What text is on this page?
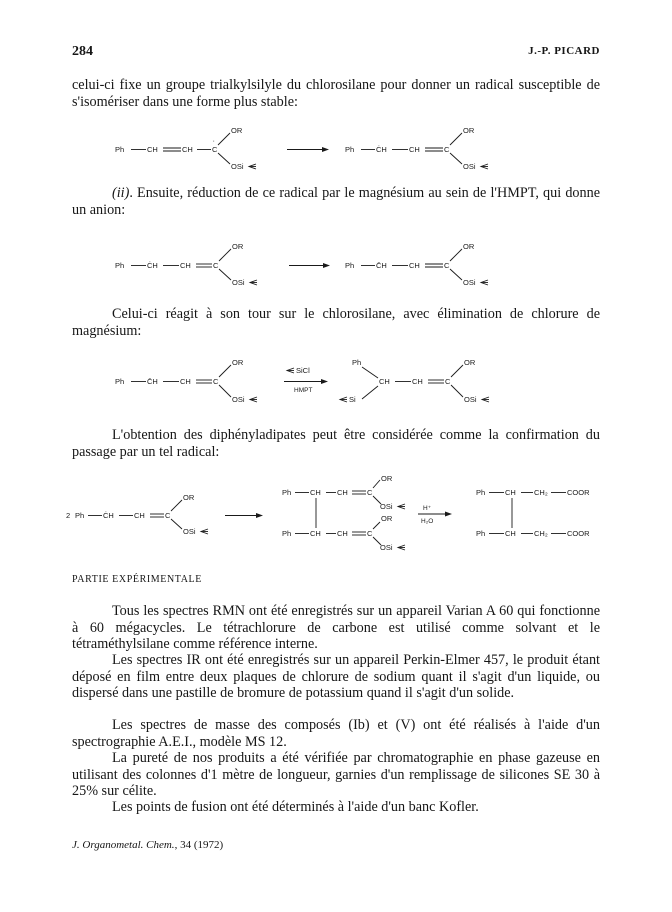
284	J.-P. PICARD

celui-ci fixe un groupe trialkylsilyle du chlorosilane pour donner un radical susceptible de s'isomériser dans une forme plus stable:

Ph	CH	CH	C
·
OR
OSi
Ph	ĊH	CH	C
OR
OSi

(ii). Ensuite, réduction de ce radical par le magnésium au sein de l'HMPT, qui donne un anion:

Ph	ĊH	CH	C
OR
OSi
Ph	C̄H	CH	C
OR
OSi

Celui-ci réagit à son tour sur le chlorosilane, avec élimination de chlorure de magnésium:

Ph	C̄H	CH	C
OR
OSi
SiCl
HMPT
Ph
CH
Si
CH	C
OR
OSi

L'obtention des diphényladipates peut être considérée comme la confirmation du passage par un tel radical:

2 Ph	ĊH	CH	C
OR
OSi
Ph	CH CH	C
OR
OSi
Ph	CH CH	C
OR
OSi
H⁺
H₂O
Ph	CH CH₂	COOR
Ph	CH CH₂	COOR
PARTIE EXPÉRIMENTALE

Tous les spectres RMN ont été enregistrés sur un appareil Varian A 60 qui fonctionne à 60 mégacycles. Le tétrachlorure de carbone est utilisé comme solvant et le tétraméthylsilane comme référence interne.

Les spectres IR ont été enregistrés sur un appareil Perkin-Elmer 457, le produit étant déposé en film entre deux plaques de chlorure de sodium quant il s'agit d'un liquide, ou dispersé dans une pastille de bromure de potassium quand il s'agit d'un solide.

Les spectres de masse des composés (Ib) et (V) ont été réalisés à l'aide d'un spectrographie A.E.I., modèle MS 12.

La pureté de nos produits a été vérifiée par chromatographie en phase gazeuse en utilisant des colonnes d'1 mètre de longueur, garnies d'un remplissage de silicones SE 30 à 25% sur célite.

Les points de fusion ont été déterminés à l'aide d'un banc Kofler.

J. Organometal. Chem., 34 (1972)
